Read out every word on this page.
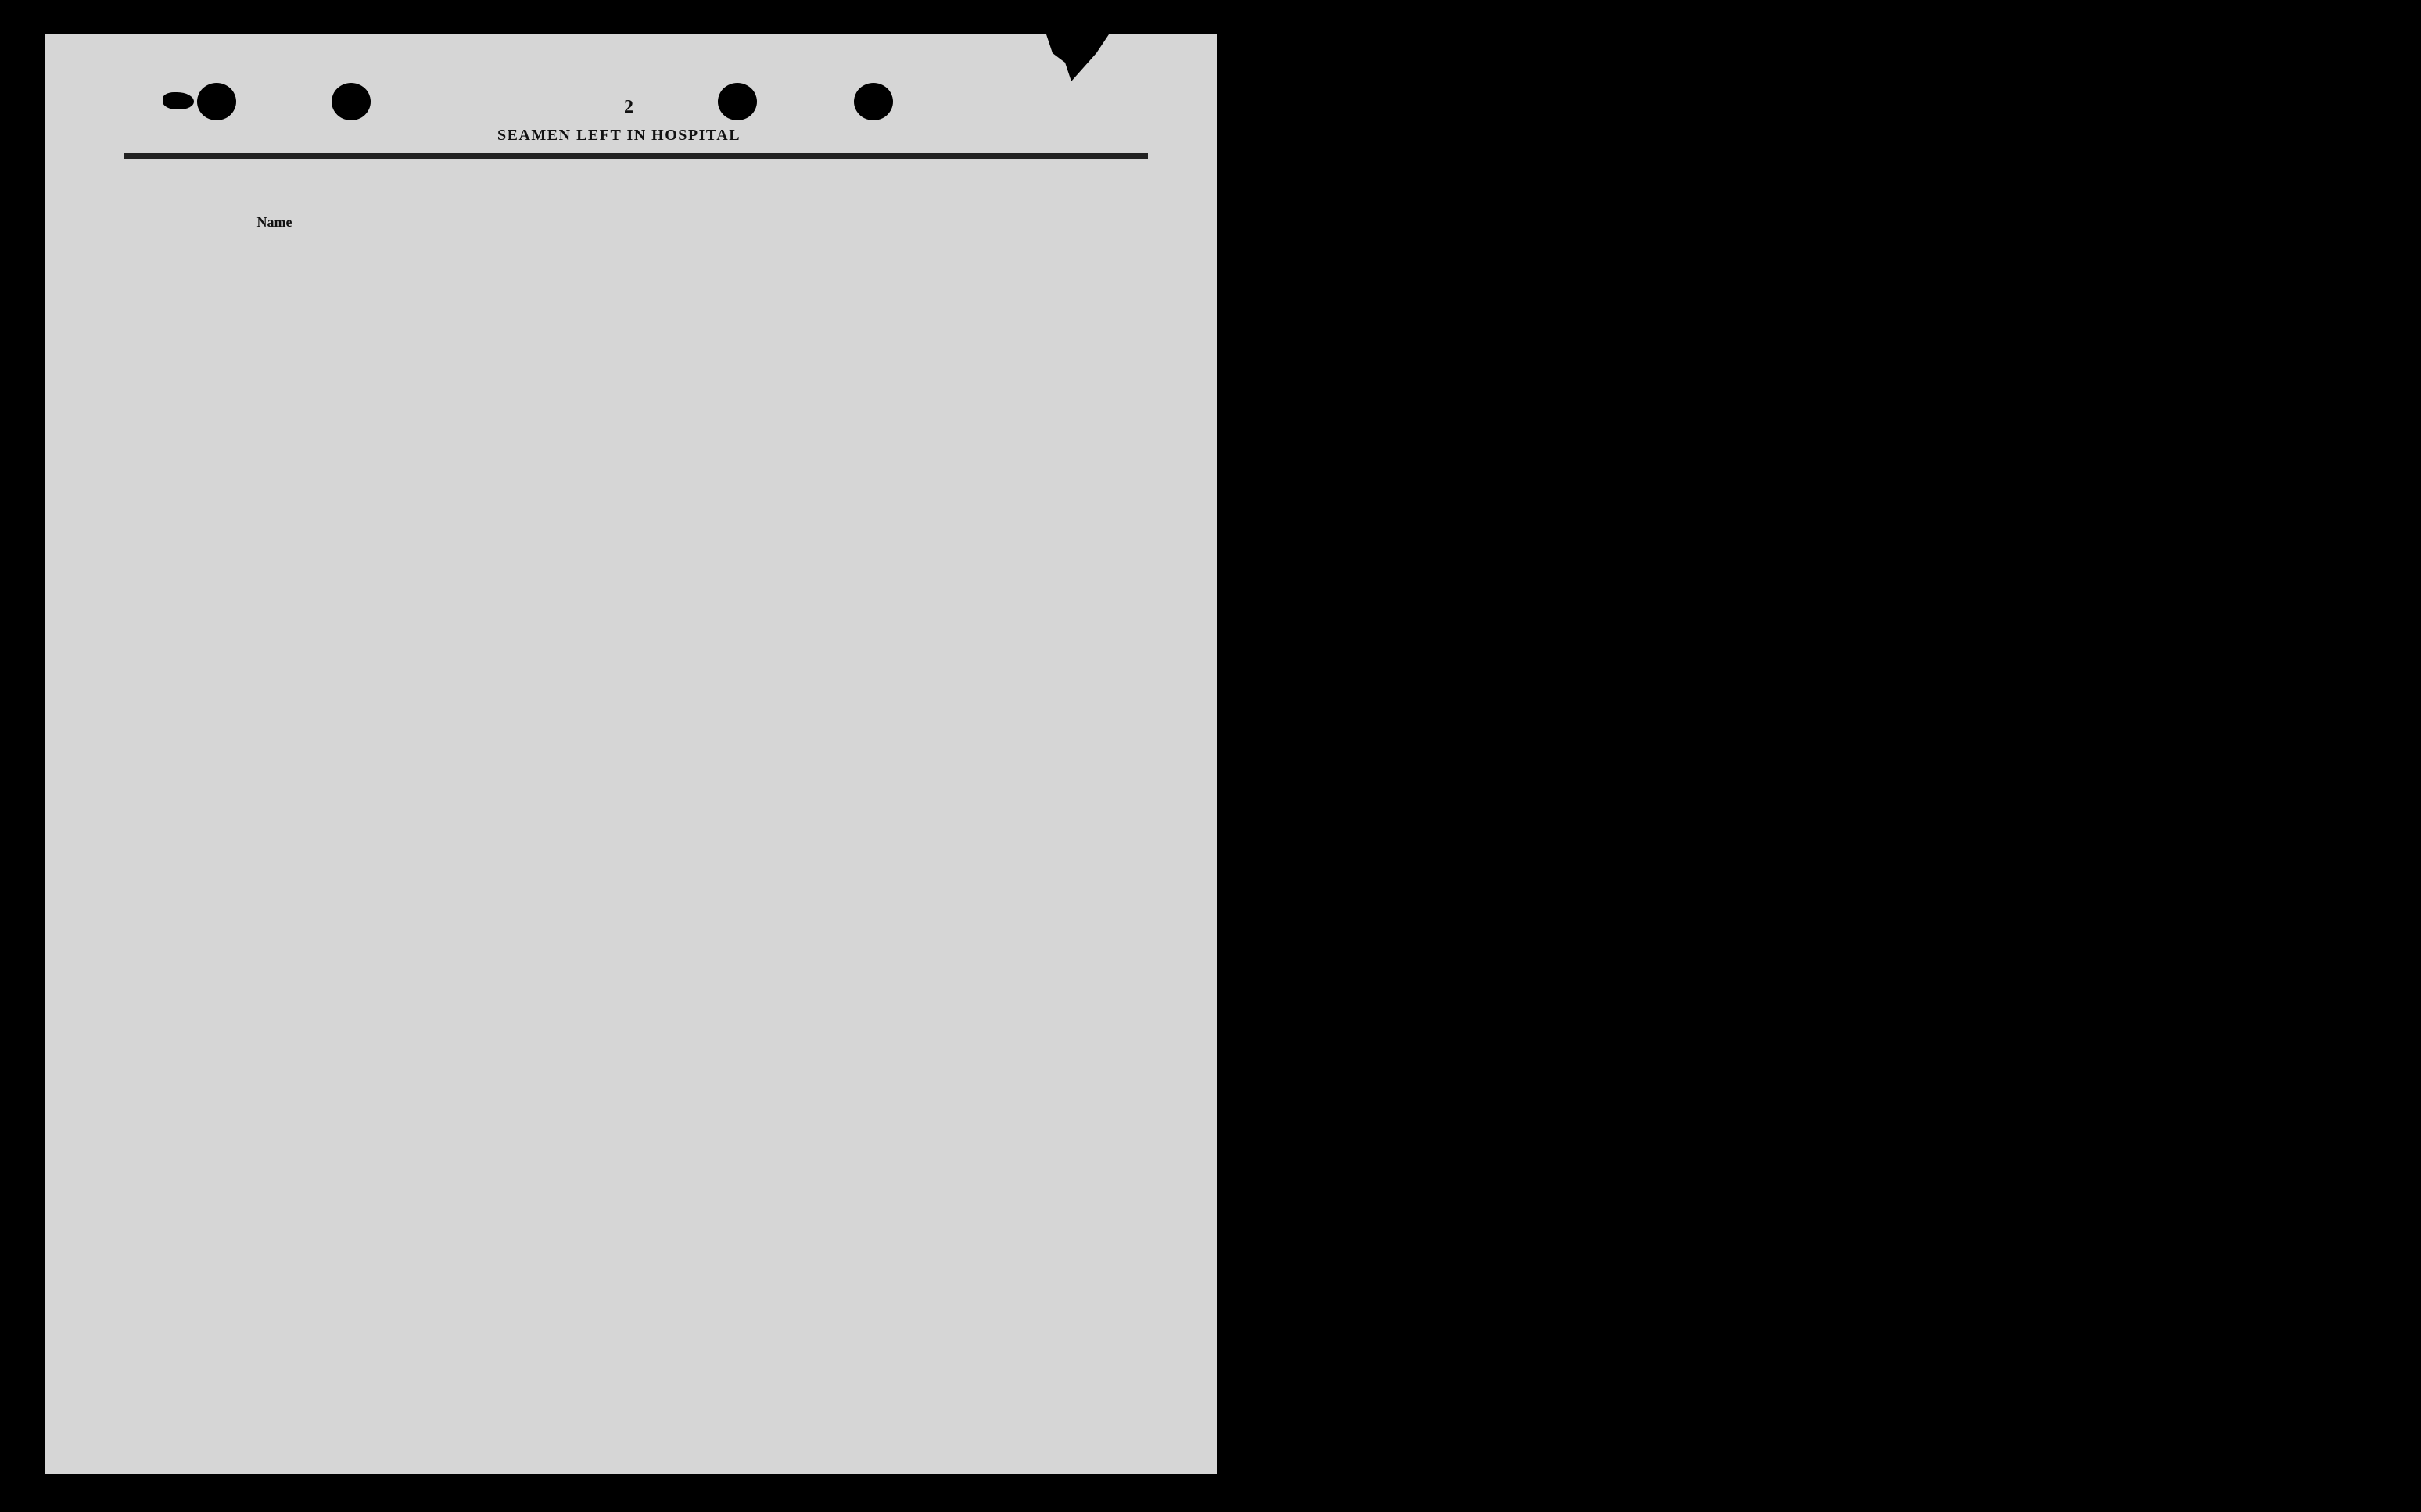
2
SEAMEN LEFT IN HOSPITAL
Name
